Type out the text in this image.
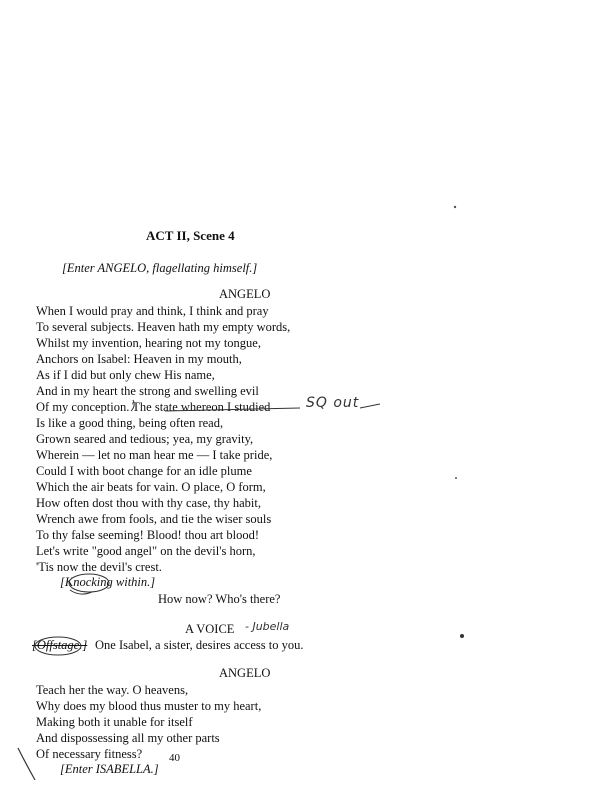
ACT II, Scene 4
[Enter ANGELO, flagellating himself.]
ANGELO
When I would pray and think, I think and pray
To several subjects. Heaven hath my empty words,
Whilst my invention, hearing not my tongue,
Anchors on Isabel: Heaven in my mouth,
As if I did but only chew His name,
And in my heart the strong and swelling evil
Of my conception. The state whereon I studied
Is like a good thing, being often read,
Grown seared and tedious; yea, my gravity,
Wherein — let no man hear me — I take pride,
Could I with boot change for an idle plume
Which the air beats for vain. O place, O form,
How often dost thou with thy case, thy habit,
Wrench awe from fools, and tie the wiser souls
To thy false seeming! Blood! thou art blood!
Let's write "good angel" on the devil's horn,
'Tis now the devil's crest.
[Knocking within.]
How now? Who's there?
A VOICE - Jubella
[Offstage.] One Isabel, a sister, desires access to you.
ANGELO
Teach her the way. O heavens,
Why does my blood thus muster to my heart,
Making both it unable for itself
And dispossessing all my other parts
Of necessary fitness?
[Enter ISABELLA.]
SQ out
40
